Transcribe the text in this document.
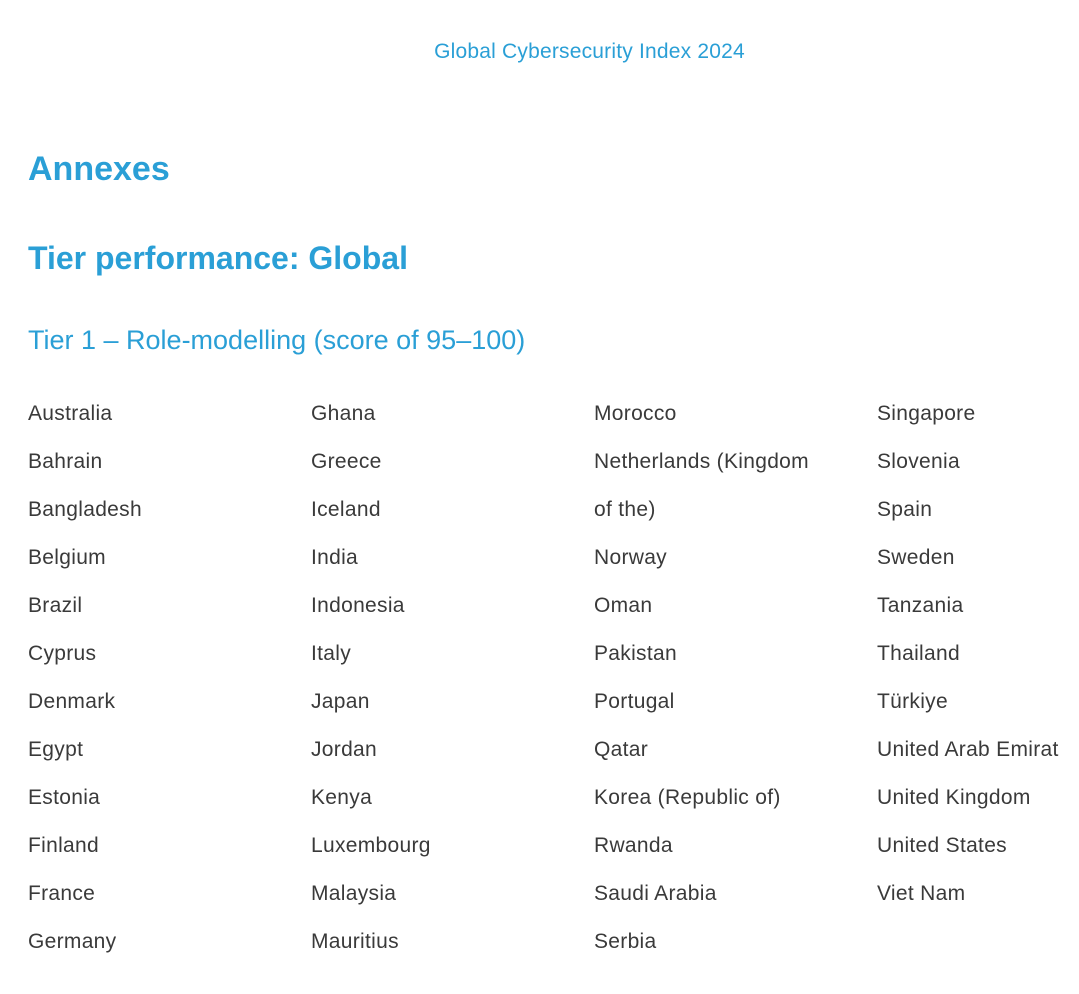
Global Cybersecurity Index 2024
Annexes
Tier performance: Global
Tier 1 – Role-modelling (score of 95–100)
Australia
Bahrain
Bangladesh
Belgium
Brazil
Cyprus
Denmark
Egypt
Estonia
Finland
France
Germany
Ghana
Greece
Iceland
India
Indonesia
Italy
Japan
Jordan
Kenya
Luxembourg
Malaysia
Mauritius
Morocco
Netherlands (Kingdom
of the)
Norway
Oman
Pakistan
Portugal
Qatar
Korea (Republic of)
Rwanda
Saudi Arabia
Serbia
Singapore
Slovenia
Spain
Sweden
Tanzania
Thailand
Türkiye
United Arab Emirat
United Kingdom
United States
Viet Nam
